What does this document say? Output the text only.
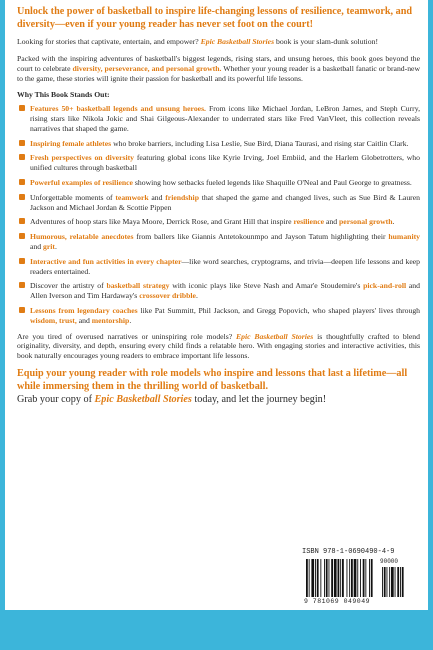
Unlock the power of basketball to inspire life-changing lessons of resilience, teamwork, and diversity—even if your young reader has never set foot on the court!

Looking for stories that captivate, entertain, and empower? Epic Basketball Stories book is your slam-dunk solution!

Packed with the inspiring adventures of basketball's biggest legends, rising stars, and unsung heroes, this book goes beyond the court to celebrate diversity, perseverance, and personal growth. Whether your young reader is a basketball fanatic or brand-new to the game, these stories will ignite their passion for basketball and its powerful life lessons.

Why This Book Stands Out:
Features 50+ basketball legends and unsung heroes. From icons like Michael Jordan, LeBron James, and Steph Curry, rising stars like Nikola Jokic and Shai Gilgeous-Alexander to underrated stars like Fred VanVleet, this collection reveals narratives that shaped the game.
Inspiring female athletes who broke barriers, including Lisa Leslie, Sue Bird, Diana Taurasi, and rising star Caitlin Clark.
Fresh perspectives on diversity featuring global icons like Kyrie Irving, Joel Embiid, and the Harlem Globetrotters, who unified cultures through basketball
Powerful examples of resilience showing how setbacks fueled legends like Shaquille O'Neal and Paul George to greatness.
Unforgettable moments of teamwork and friendship that shaped the game and changed lives, such as Sue Bird & Lauren Jackson and Michael Jordan & Scottie Pippen
Adventures of hoop stars like Maya Moore, Derrick Rose, and Grant Hill that inspire resilience and personal growth.
Humorous, relatable anecdotes from ballers like Giannis Antetokounmpo and Jayson Tatum highlighting their humanity and grit.
Interactive and fun activities in every chapter—like word searches, cryptograms, and trivia—deepen life lessons and keep readers entertained.
Discover the artistry of basketball strategy with iconic plays like Steve Nash and Amar'e Stoudemire's pick-and-roll and Allen Iverson and Tim Hardaway's crossover dribble.
Lessons from legendary coaches like Pat Summitt, Phil Jackson, and Gregg Popovich, who shaped players' lives through wisdom, trust, and mentorship.

Are you tired of overused narratives or uninspiring role models? Epic Basketball Stories is thoughtfully crafted to blend originality, diversity, and depth, ensuring every child finds a relatable hero. With engaging stories and interactive activities, this book naturally encourages young readers to embrace important life lessons.

Equip your young reader with role models who inspire and lessons that last a lifetime—all while immersing them in the thrilling world of basketball.
Grab your copy of Epic Basketball Stories today, and let the journey begin!
ISBN 978-1-0690490-4-9
90000
9 781069 049049
